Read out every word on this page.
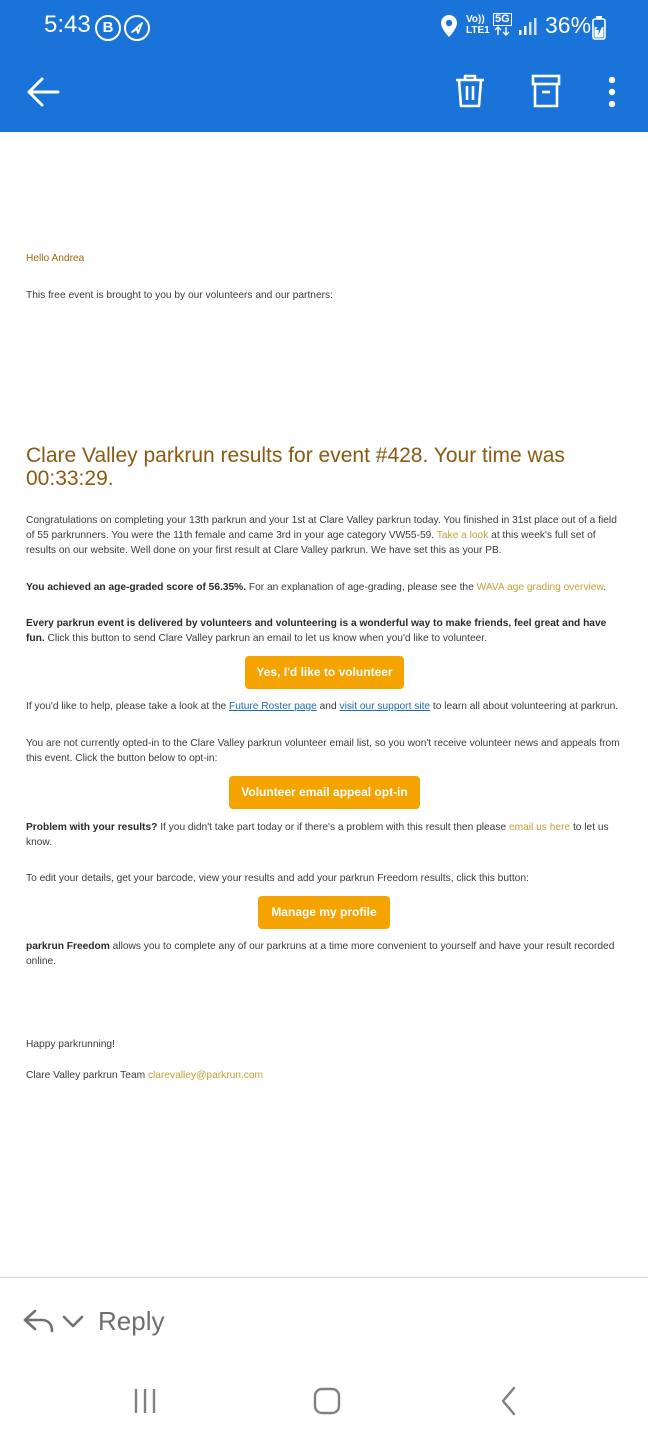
5:43 B	Vo))
LTE1
5G 36%

Hello Andrea

This free event is brought to you by our volunteers and our partners:

Clare Valley parkrun results for event #428. Your time was 00:33:29.

Congratulations on completing your 13th parkrun and your 1st at Clare Valley parkrun today. You finished in 31st place out of a field of 55 parkrunners. You were the 11th female and came 3rd in your age category VW55-59. Take a look at this week's full set of results on our website. Well done on your first result at Clare Valley parkrun. We have set this as your PB.

You achieved an age-graded score of 56.35%. For an explanation of age-grading, please see the WAVA age grading overview.

Every parkrun event is delivered by volunteers and volunteering is a wonderful way to make friends, feel great and have fun. Click this button to send Clare Valley parkrun an email to let us know when you'd like to volunteer.

Yes, I'd like to volunteer

If you'd like to help, please take a look at the Future Roster page and visit our support site to learn all about volunteering at parkrun.

You are not currently opted-in to the Clare Valley parkrun volunteer email list, so you won't receive volunteer news and appeals from this event. Click the button below to opt-in:

Volunteer email appeal opt-in

Problem with your results? If you didn't take part today or if there's a problem with this result then please email us here to let us know.

To edit your details, get your barcode, view your results and add your parkrun Freedom results, click this button:

Manage my profile

parkrun Freedom allows you to complete any of our parkruns at a time more convenient to yourself and have your result recorded online.

Happy parkrunning!

Clare Valley parkrun Team clarevalley@parkrun.com

Reply
